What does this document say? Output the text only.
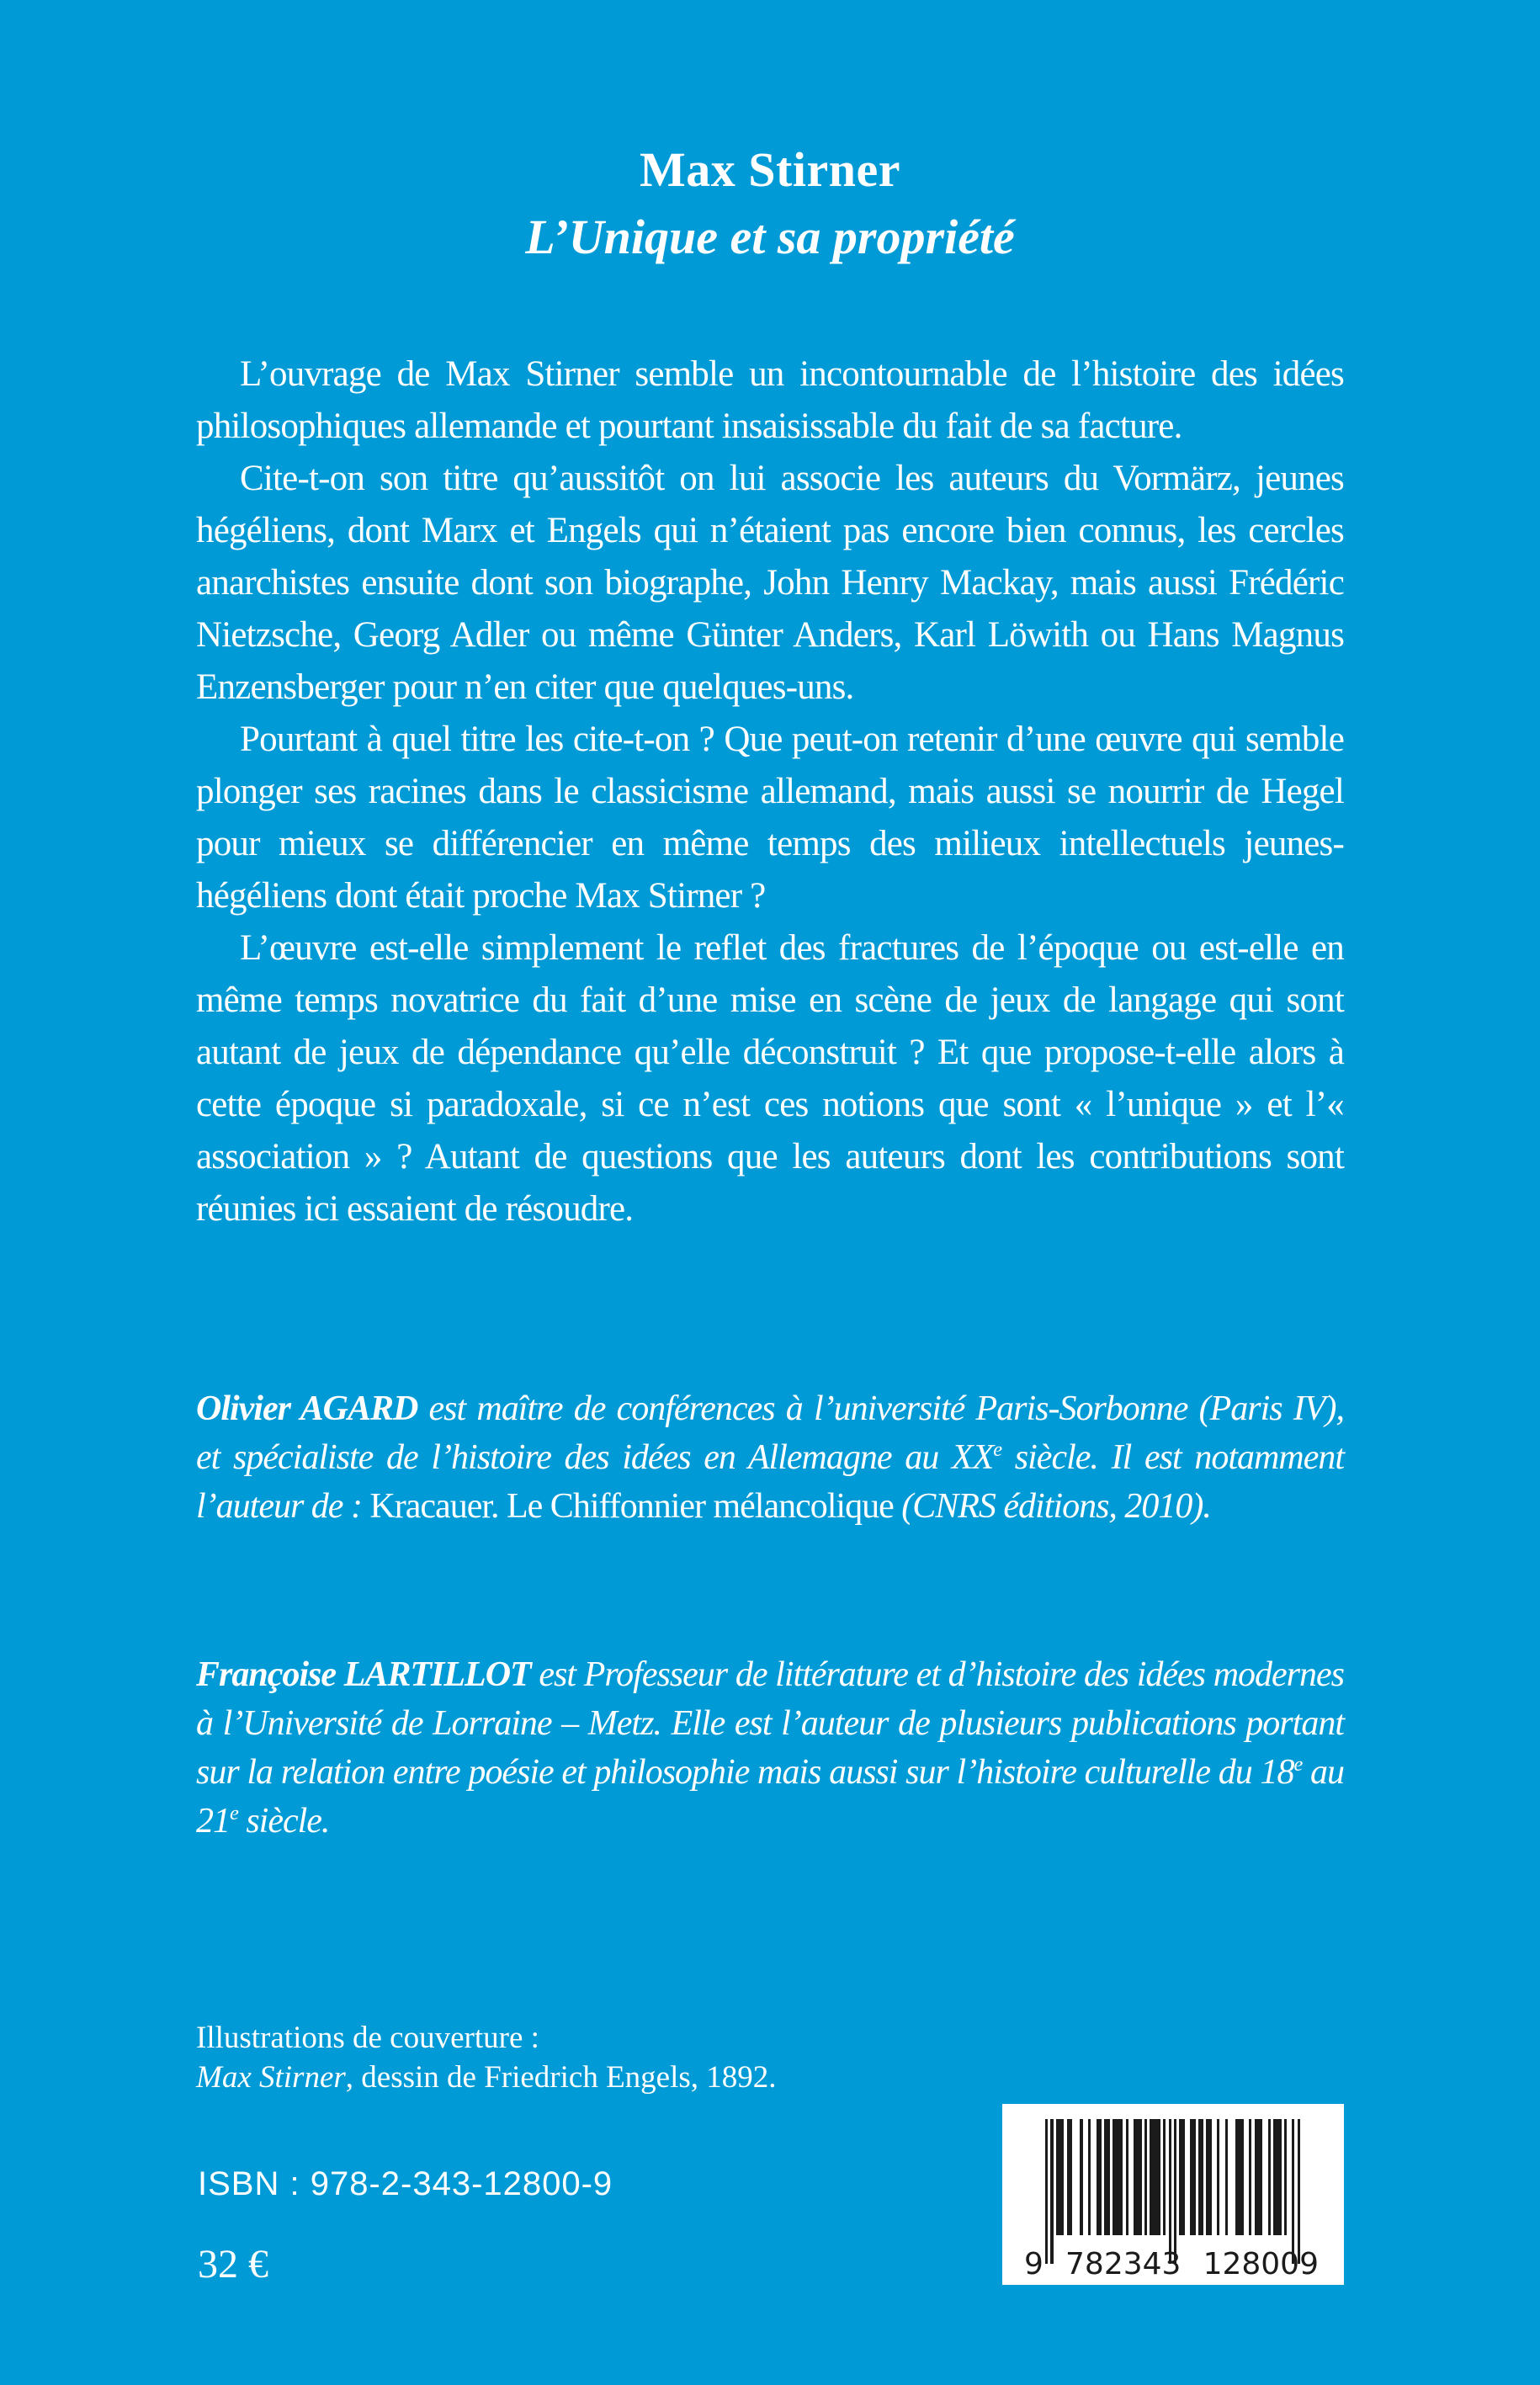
Max Stirner
L’Unique et sa propriété

L’ouvrage de Max Stirner semble un incontournable de l’histoire des idées philosophiques allemande et pourtant insaisissable du fait de sa facture.

Cite-t-on son titre qu’aussitôt on lui associe les auteurs du Vormärz, jeunes hégéliens, dont Marx et Engels qui n’étaient pas encore bien connus, les cercles anarchistes ensuite dont son biographe, John Henry Mackay, mais aussi Frédéric Nietzsche, Georg Adler ou même Günter Anders, Karl Löwith ou Hans Magnus Enzensberger pour n’en citer que quelques-uns.

Pourtant à quel titre les cite-t-on ? Que peut-on retenir d’une œuvre qui semble plonger ses racines dans le classicisme allemand, mais aussi se nourrir de Hegel pour mieux se différencier en même temps des milieux intellectuels jeunes-hégéliens dont était proche Max Stirner ?

L’œuvre est-elle simplement le reflet des fractures de l’époque ou est-elle en même temps novatrice du fait d’une mise en scène de jeux de langage qui sont autant de jeux de dépendance qu’elle déconstruit ? Et que propose-t-elle alors à cette époque si paradoxale, si ce n’est ces notions que sont « l’unique » et l’« association » ? Autant de questions que les auteurs dont les contributions sont réunies ici essaient de résoudre.

Olivier AGARD est maître de conférences à l’université Paris-Sorbonne (Paris IV), et spécialiste de l’histoire des idées en Allemagne au XXe siècle. Il est notamment l’auteur de : Kracauer. Le Chiffonnier mélancolique (CNRS éditions, 2010).

Françoise LARTILLOT est Professeur de littérature et d’histoire des idées modernes à l’Université de Lorraine – Metz. Elle est l’auteur de plusieurs publications portant sur la relation entre poésie et philosophie mais aussi sur l’histoire culturelle du 18e au 21e siècle.

Illustrations de couverture :
Max Stirner, dessin de Friedrich Engels, 1892.
ISBN : 978-2-343-12800-9
32 €	9 782343 128009
